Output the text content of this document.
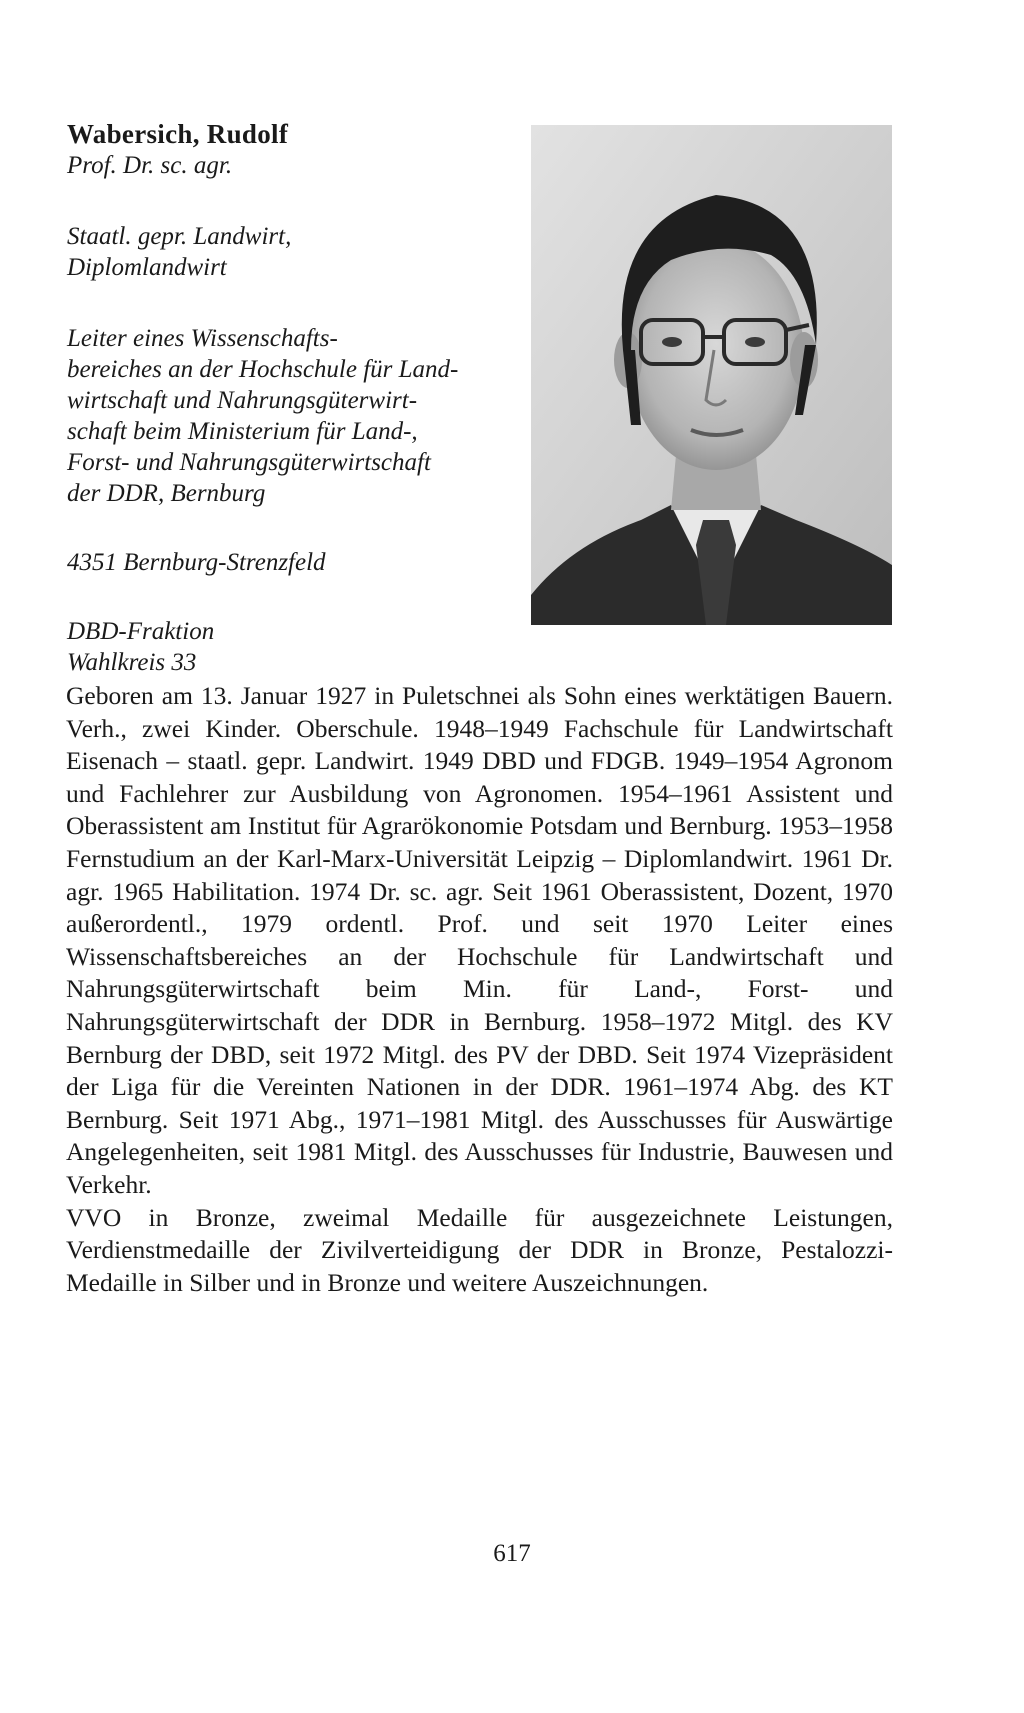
Wabersich, Rudolf

Prof. Dr. sc. agr.

Staatl. gepr. Landwirt,

Diplomlandwirt

Leiter eines Wissenschafts-

bereiches an der Hochschule für Land-

wirtschaft und Nahrungsgüterwirt-

schaft beim Ministerium für Land-,

Forst- und Nahrungsgüterwirtschaft

der DDR, Bernburg

4351 Bernburg-Strenzfeld

DBD-Fraktion

Wahlkreis 33

Geboren am 13. Januar 1927 in Puletschnei als Sohn eines werktätigen Bauern. Verh., zwei Kinder. Oberschule. 1948–1949 Fachschule für Landwirtschaft Eisenach – staatl. gepr. Landwirt. 1949 DBD und FDGB. 1949–1954 Agronom und Fachlehrer zur Ausbildung von Agronomen. 1954–1961 Assistent und Oberassistent am Institut für Agrarökonomie Potsdam und Bernburg. 1953–1958 Fernstudium an der Karl-Marx-Universität Leipzig – Diplomlandwirt. 1961 Dr. agr. 1965 Habilitation. 1974 Dr. sc. agr. Seit 1961 Oberassistent, Dozent, 1970 außerordentl., 1979 ordentl. Prof. und seit 1970 Leiter eines Wissenschaftsbereiches an der Hochschule für Landwirtschaft und Nahrungsgüterwirtschaft beim Min. für Land-, Forst- und Nahrungsgüterwirtschaft der DDR in Bernburg. 1958–1972 Mitgl. des KV Bernburg der DBD, seit 1972 Mitgl. des PV der DBD. Seit 1974 Vizepräsident der Liga für die Vereinten Nationen in der DDR. 1961–1974 Abg. des KT Bernburg. Seit 1971 Abg., 1971–1981 Mitgl. des Ausschusses für Auswärtige Angelegenheiten, seit 1981 Mitgl. des Ausschusses für Industrie, Bauwesen und Verkehr.

VVO in Bronze, zweimal Medaille für ausgezeichnete Leistungen, Verdienstmedaille der Zivilverteidigung der DDR in Bronze, Pestalozzi-Medaille in Silber und in Bronze und weitere Auszeichnungen.

617
